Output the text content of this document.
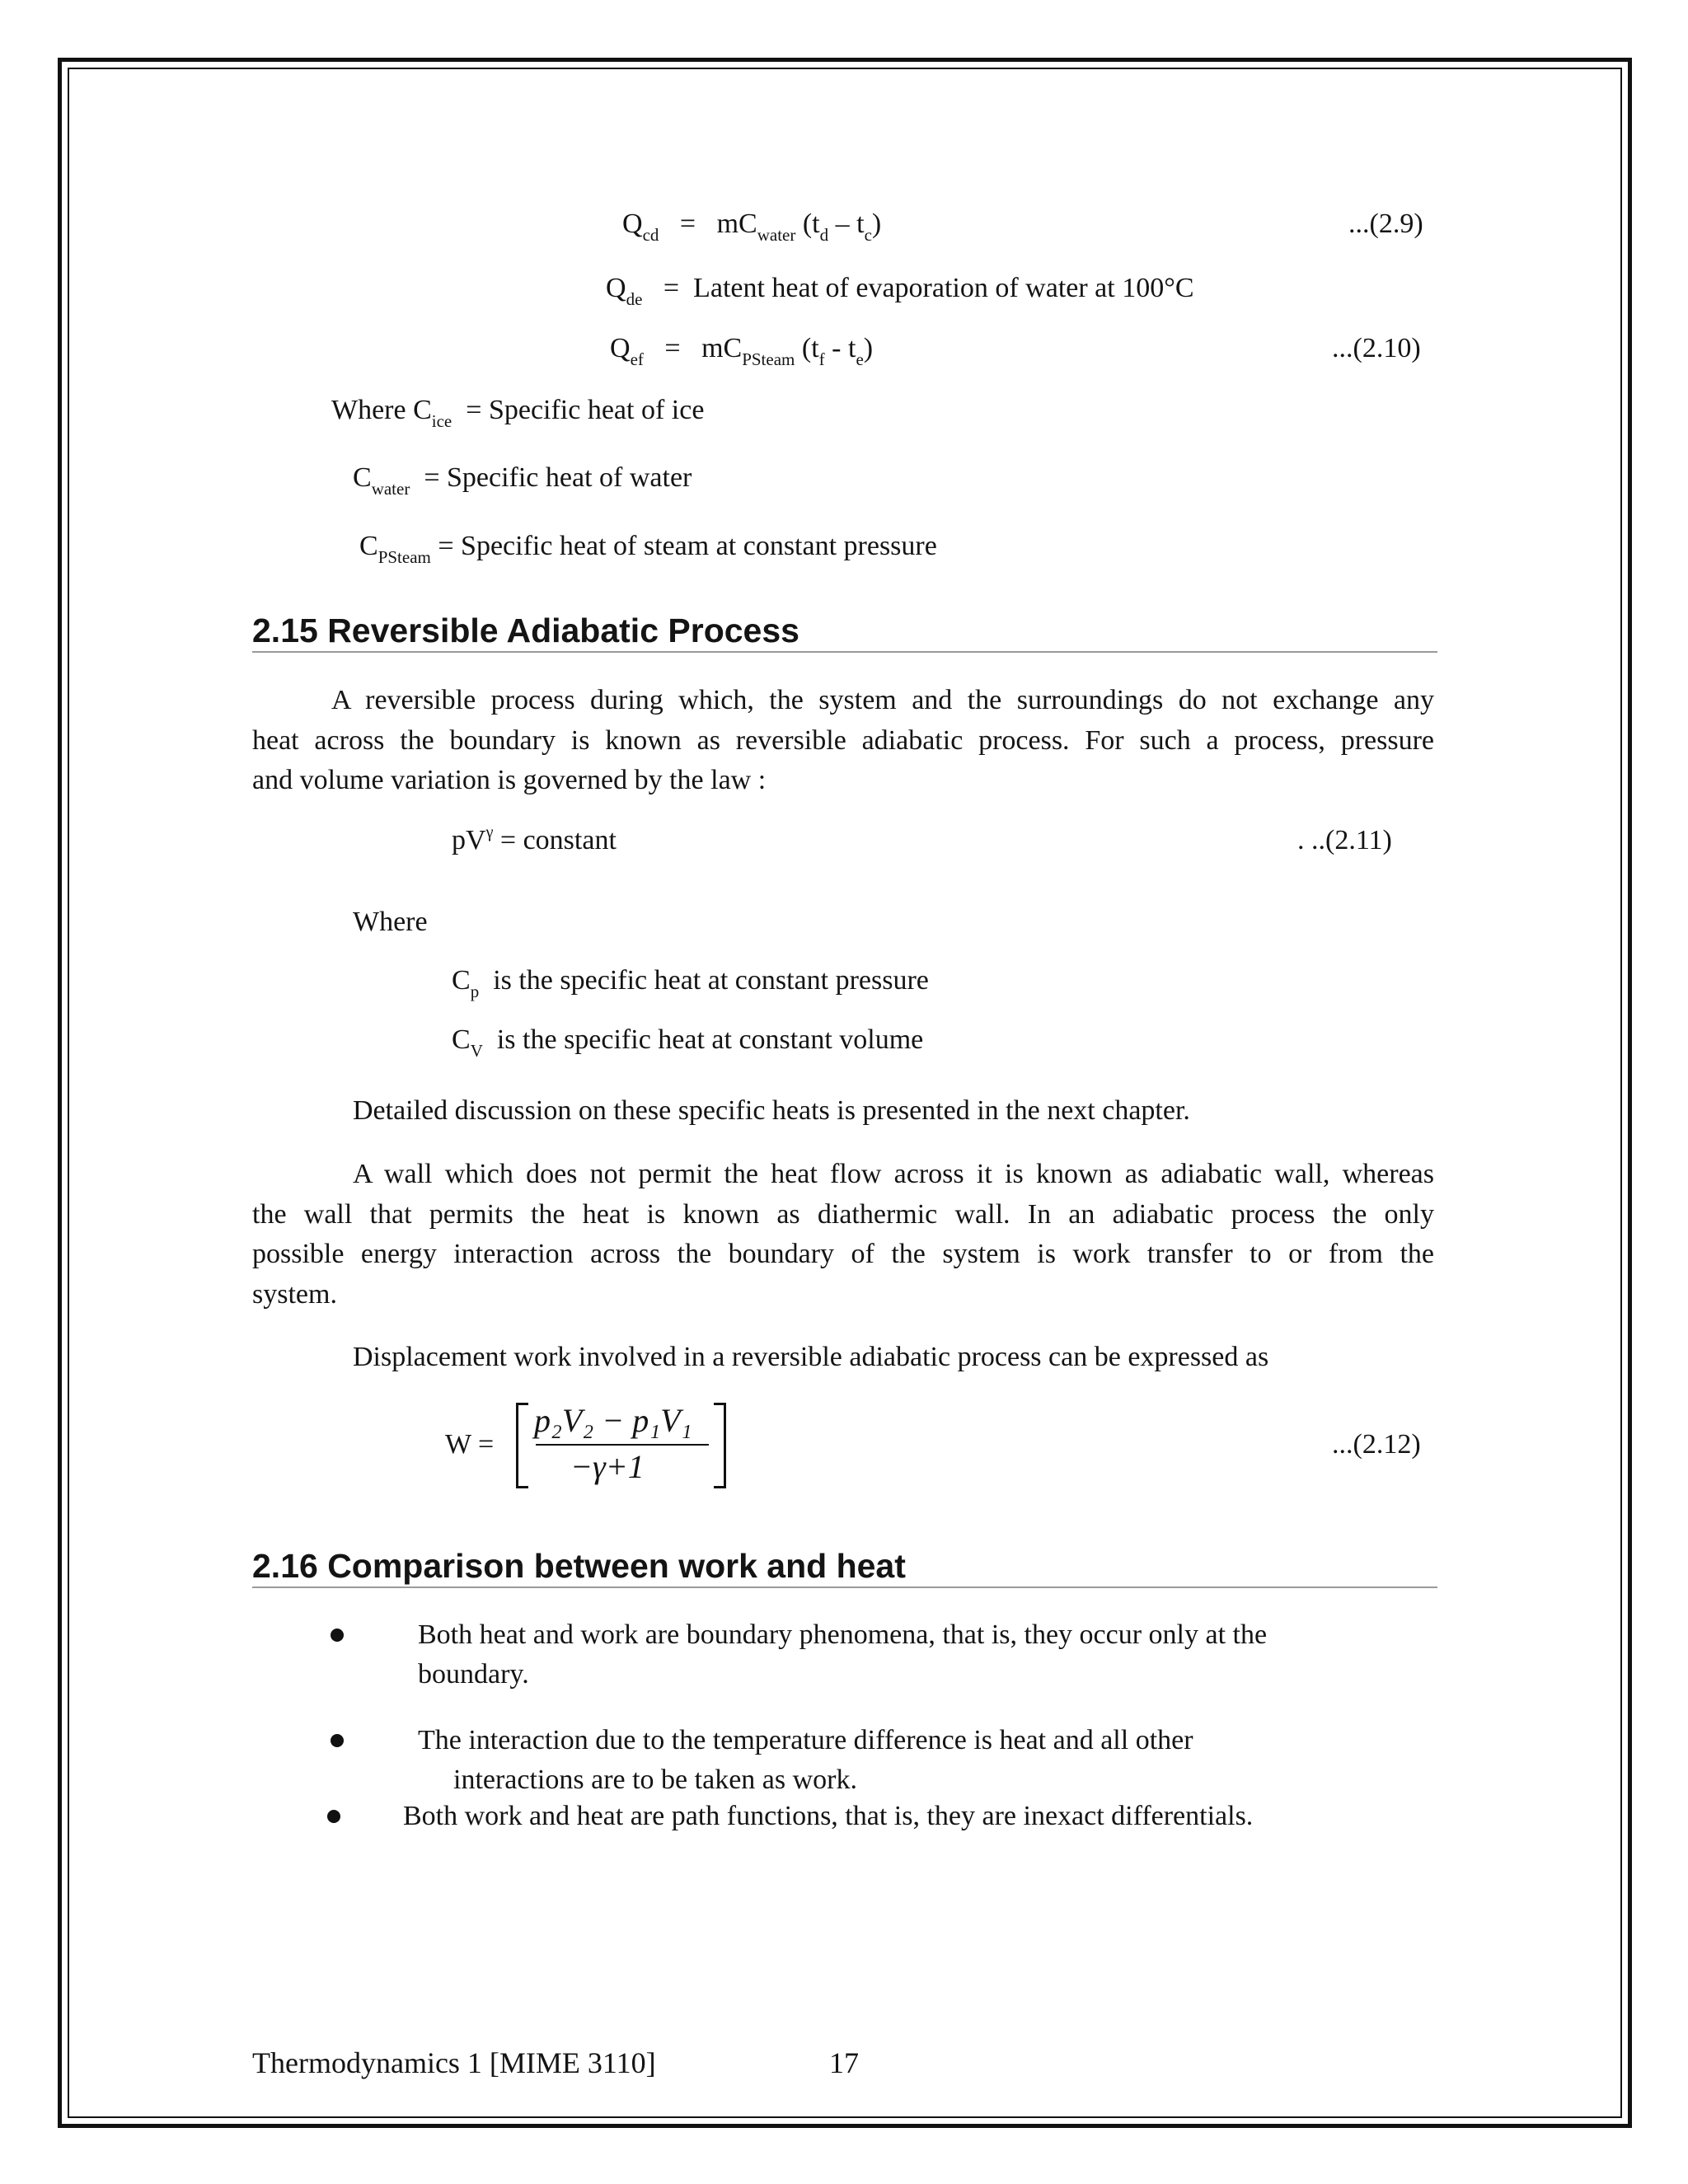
$Q_{cd} = mC_{water}$ $(t_d - t_c)$	...(2.9)
$Q_{de}$ = Latent heat of evaporation of water at 100°C
$Q_{ef} = mC_{PSteam}$ $(t_f - t_e)$	...(2.10)
Where $C_{ice}$ = Specific heat of ice
$C_{water}$ = Specific heat of water
$C_{PSteam}$ = Specific heat of steam at constant pressure
2.15 Reversible Adiabatic Process
A reversible process during which, the system and the surroundings do not exchange any
heat across the boundary is known as reversible adiabatic process. For such a process, pressure
and volume variation is governed by the law :
$pV^\gamma$ = constant	. ..(2.11)
Where
$C_p$ is the specific heat at constant pressure
$C_V$ is the specific heat at constant volume
Detailed discussion on these specific heats is presented in the next chapter.
A wall which does not permit the heat flow across it is known as adiabatic wall, whereas
the wall that permits the heat is known as diathermic wall. In an adiabatic process the only
possible energy interaction across the boundary of the system is work transfer to or from the
system.
Displacement work involved in a reversible adiabatic process can be expressed as
W =
p₂V₂ − p₁V₁
−γ+1
...(2.12)
2.16 Comparison between work and heat
Both heat and work are boundary phenomena, that is, they occur only at the
boundary.
The interaction due to the temperature difference is heat and all other
interactions are to be taken as work.
Both work and heat are path functions, that is, they are inexact differentials.
Thermodynamics 1 [MIME 3110]	17
